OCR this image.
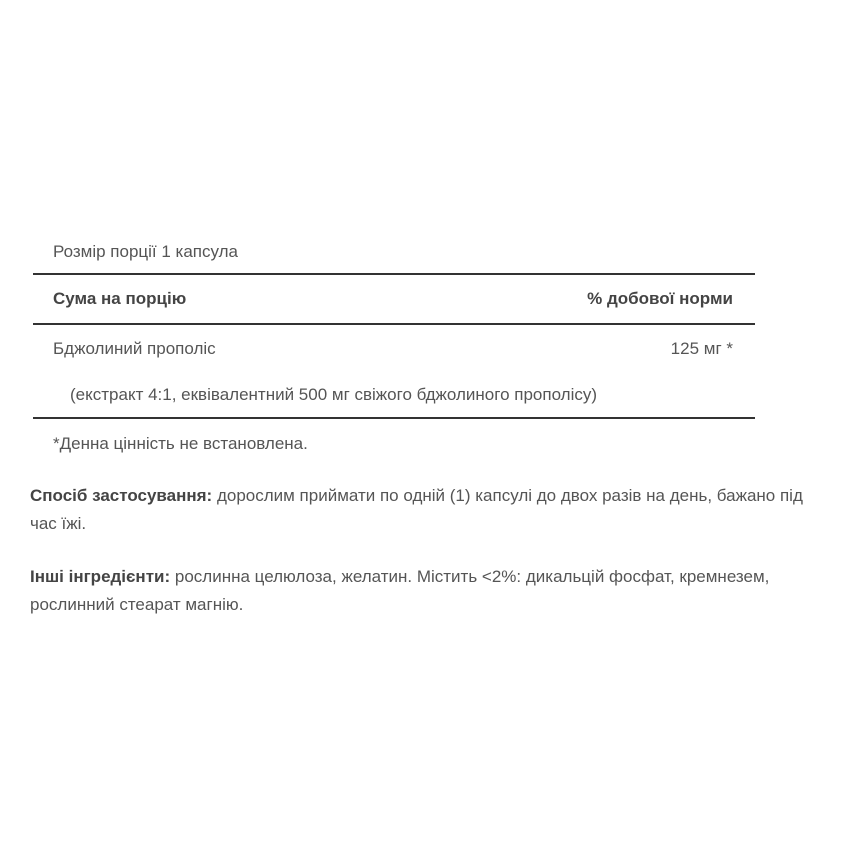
Розмір порції 1 капсула
Сума на порцію	% добової норми
Бджолиний прополіс	125 мг *
(екстракт 4:1, еквівалентний 500 мг свіжого бджолиного прополісу)
*Денна цінність не встановлена.

Спосіб застосування: дорослим приймати по одній (1) капсулі до двох разів на день, бажано під час їжі.

Інші інгредієнти: рослинна целюлоза, желатин. Містить <2%: дикальцій фосфат, кремнезем, рослинний стеарат магнію.
